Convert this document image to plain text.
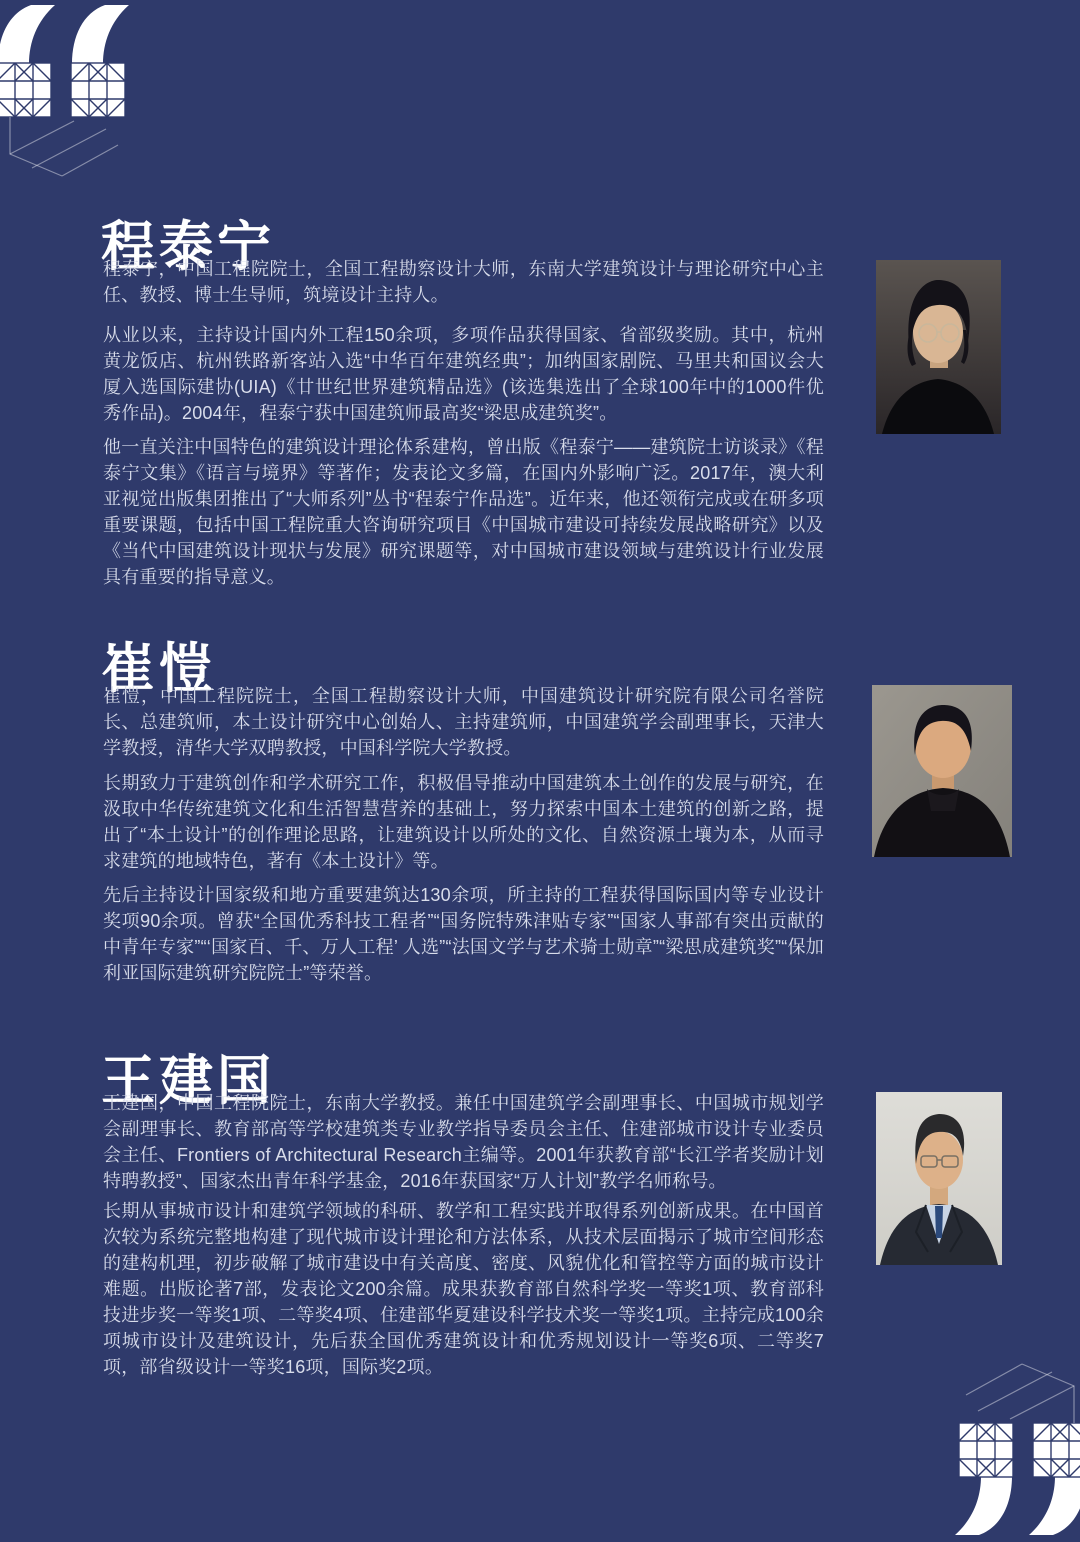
程泰宁

程泰宁，中国工程院院士，全国工程勘察设计大师，东南大学建筑设计与理论研究中心主任、教授、博士生导师，筑境设计主持人。

从业以来，主持设计国内外工程150余项，多项作品获得国家、省部级奖励。其中，杭州黄龙饭店、杭州铁路新客站入选“中华百年建筑经典”；加纳国家剧院、马里共和国议会大厦入选国际建协(UIA)《廿世纪世界建筑精品选》(该选集选出了全球100年中的1000件优秀作品)。2004年，程泰宁获中国建筑师最高奖“梁思成建筑奖”。

他一直关注中国特色的建筑设计理论体系建构，曾出版《程泰宁——建筑院士访谈录》《程泰宁文集》《语言与境界》等著作；发表论文多篇，在国内外影响广泛。2017年，澳大利亚视觉出版集团推出了“大师系列”丛书“程泰宁作品选”。近年来，他还领衔完成或在研多项重要课题，包括中国工程院重大咨询研究项目《中国城市建设可持续发展战略研究》以及《当代中国建筑设计现状与发展》研究课题等，对中国城市建设领域与建筑设计行业发展具有重要的指导意义。

崔愷

崔愷，中国工程院院士，全国工程勘察设计大师，中国建筑设计研究院有限公司名誉院长、总建筑师，本土设计研究中心创始人、主持建筑师，中国建筑学会副理事长，天津大学教授，清华大学双聘教授，中国科学院大学教授。

长期致力于建筑创作和学术研究工作，积极倡导推动中国建筑本土创作的发展与研究，在汲取中华传统建筑文化和生活智慧营养的基础上，努力探索中国本土建筑的创新之路，提出了“本土设计”的创作理论思路，让建筑设计以所处的文化、自然资源土壤为本，从而寻求建筑的地域特色，著有《本土设计》等。

先后主持设计国家级和地方重要建筑达130余项，所主持的工程获得国际国内等专业设计奖项90余项。曾获“全国优秀科技工程者”“国务院特殊津贴专家”“国家人事部有突出贡献的中青年专家”“‘国家百、千、万人工程’ 人选”“法国文学与艺术骑士勋章”“梁思成建筑奖”“保加利亚国际建筑研究院院士”等荣誉。

王建国

王建国，中国工程院院士，东南大学教授。兼任中国建筑学会副理事长、中国城市规划学会副理事长、教育部高等学校建筑类专业教学指导委员会主任、住建部城市设计专业委员会主任、Frontiers of Architectural Research主编等。2001年获教育部“长江学者奖励计划特聘教授”、国家杰出青年科学基金，2016年获国家“万人计划”教学名师称号。

长期从事城市设计和建筑学领域的科研、教学和工程实践并取得系列创新成果。在中国首次较为系统完整地构建了现代城市设计理论和方法体系，从技术层面揭示了城市空间形态的建构机理，初步破解了城市建设中有关高度、密度、风貌优化和管控等方面的城市设计难题。出版论著7部，发表论文200余篇。成果获教育部自然科学奖一等奖1项、教育部科技进步奖一等奖1项、二等奖4项、住建部华夏建设科学技术奖一等奖1项。主持完成100余项城市设计及建筑设计，先后获全国优秀建筑设计和优秀规划设计一等奖6项、二等奖7项，部省级设计一等奖16项，国际奖2项。
